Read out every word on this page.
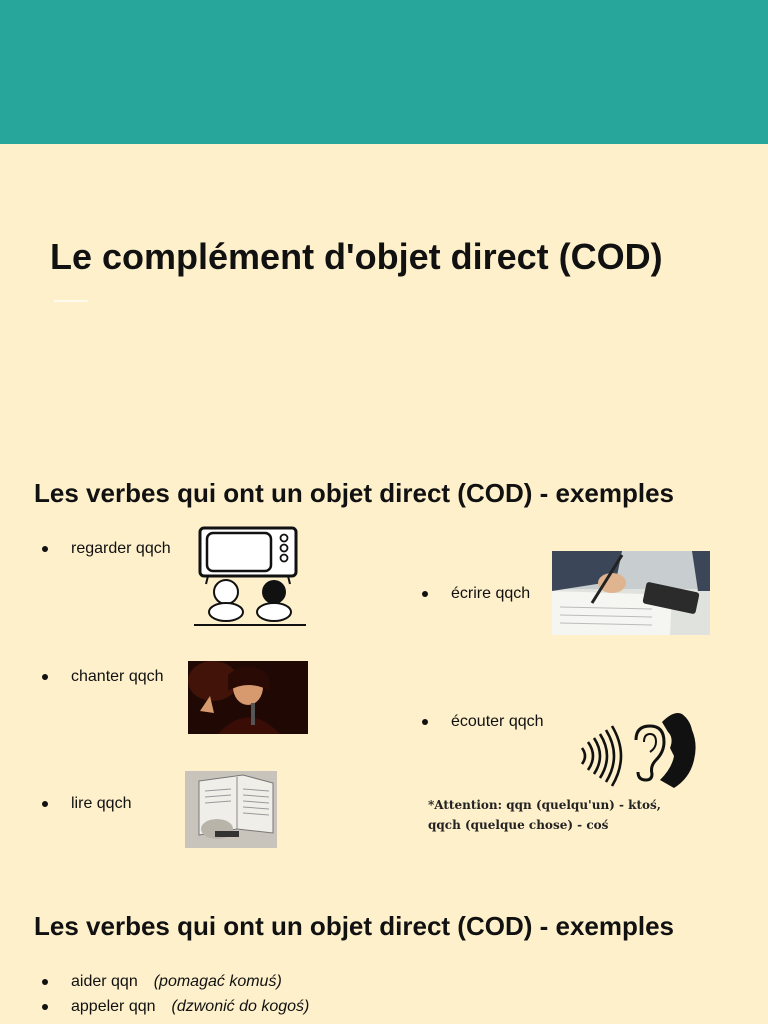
Le complément d'objet direct (COD)
Les verbes qui ont un objet direct (COD) - exemples
regarder qqch
chanter qqch
lire qqch
écrire qqch
écouter qqch
*Attention: qqn (quelqu'un) - ktoś,
qqch (quelque chose) - coś
Les verbes qui ont un objet direct (COD) - exemples
aider qqn (pomagać komuś)
appeler qqn (dzwonić do kogoś)
